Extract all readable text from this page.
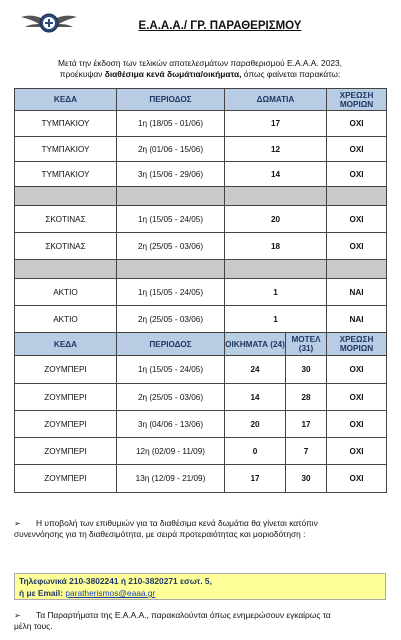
Ε.Α.Α.Α./ ΓΡ. ΠΑΡΑΘΕΡΙΣΜΟΥ
Μετά την έκδοση των τελικών αποτελεσμάτων παραθερισμού Ε.Α.Α.Α. 2023,
προέκυψαν διαθέσιμα κενά δωμάτια/οικήματα, όπως φαίνεται παρακάτω:
ΚΕΔΑ	ΠΕΡΙΟΔΟΣ	ΔΩΜΑΤΙΑ		ΧΡΕΩΣΗ ΜΟΡΙΩΝ
ΤΥΜΠΑΚΙΟΥ	1η (18/05 - 01/06)	17		ΟΧΙ
ΤΥΜΠΑΚΙΟΥ	2η (01/06 - 15/06)	12		ΟΧΙ
ΤΥΜΠΑΚΙΟΥ	3η (15/06 - 29/06)	14		ΟΧΙ

ΣΚΟΤΙΝΑΣ	1η (15/05 - 24/05)	20		ΟΧΙ
ΣΚΟΤΙΝΑΣ	2η (25/05 - 03/06)	18		ΟΧΙ

ΑΚΤΙΟ	1η (15/05 - 24/05)	1		ΝΑΙ
ΑΚΤΙΟ	2η (25/05 - 03/06)	1		ΝΑΙ
ΚΕΔΑ	ΠΕΡΙΟΔΟΣ	ΟΙΚΗΜΑΤΑ (24)	ΜΟΤΕΛ (31)	ΧΡΕΩΣΗ ΜΟΡΙΩΝ
ΖΟΥΜΠΕΡΙ	1η (15/05 - 24/05)	24	30	ΟΧΙ
ΖΟΥΜΠΕΡΙ	2η (25/05 - 03/06)	14	28	ΟΧΙ
ΖΟΥΜΠΕΡΙ	3η (04/06 - 13/06)	20	17	ΟΧΙ
ΖΟΥΜΠΕΡΙ	12η (02/09 - 11/09)	0	7	ΟΧΙ
ΖΟΥΜΠΕΡΙ	13η (12/09 - 21/09)	17	30	ΟΧΙ
➢ Η υποβολή των επιθυμιών για τα διαθέσιμα κενά δωμάτια θα γίνεται κατόπιν
συνεννόησης για τη διαθεσιμότητα, με σειρά προτεραιότητας και μοριοδότηση :
Τηλεφωνικά 210-3802241 ή 210-3820271 εσωτ. 5,
ή με Email: paratherismos@eaaa.gr
➢ Τα Παραρτήματα της Ε.Α.Α.Α., παρακαλούνται όπως ενημερώσουν εγκαίρως τα
μέλη τους.
